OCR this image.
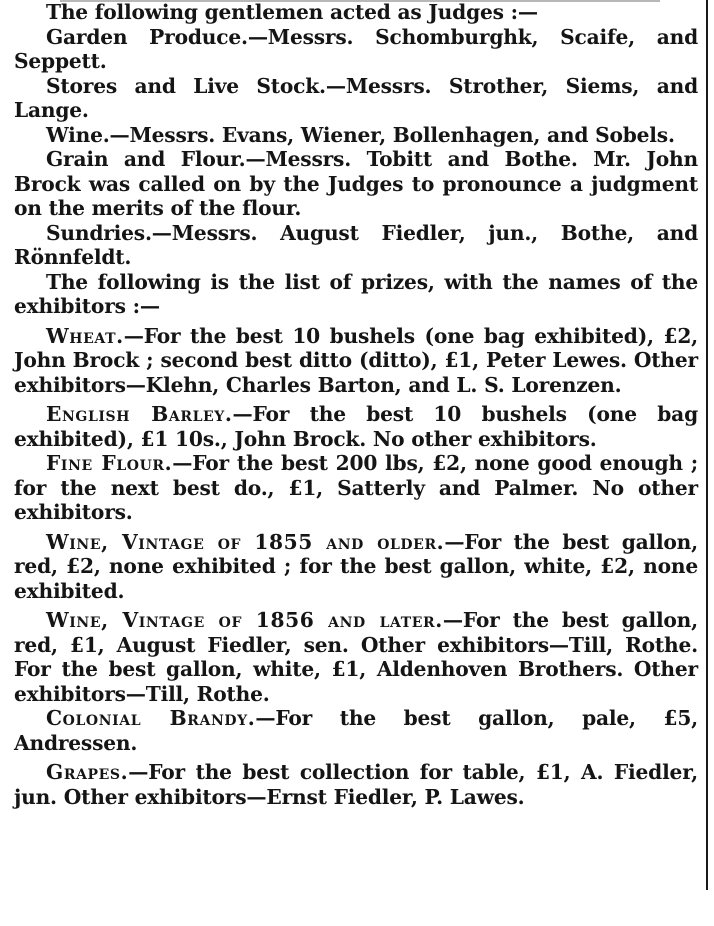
The following gentlemen acted as Judges :—

Garden Produce.—Messrs. Schomburghk, Scaife, and Seppett.

Stores and Live Stock.—Messrs. Strother, Siems, and Lange.

Wine.—Messrs. Evans, Wiener, Bollenhagen, and Sobels.

Grain and Flour.—Messrs. Tobitt and Bothe. Mr. John Brock was called on by the Judges to pronounce a judgment on the merits of the flour.

Sundries.—Messrs. August Fiedler, jun., Bothe, and Rönnfeldt.

The following is the list of prizes, with the names of the exhibitors :—

Wheat.—For the best 10 bushels (one bag exhibited), £2, John Brock ; second best ditto (ditto), £1, Peter Lewes. Other exhibitors—Klehn, Charles Barton, and L. S. Lorenzen.

English Barley.—For the best 10 bushels (one bag exhibited), £1 10s., John Brock. No other exhibitors.

Fine Flour.—For the best 200 lbs, £2, none good enough ; for the next best do., £1, Satterly and Palmer. No other exhibitors.

Wine, Vintage of 1855 and older.—For the best gallon, red, £2, none exhibited ; for the best gallon, white, £2, none exhibited.

Wine, Vintage of 1856 and later.—For the best gallon, red, £1, August Fiedler, sen. Other exhibitors—Till, Rothe. For the best gallon, white, £1, Aldenhoven Brothers. Other exhibitors—Till, Rothe.

Colonial Brandy.—For the best gallon, pale, £5, Andressen.

Grapes.—For the best collection for table, £1, A. Fiedler, jun. Other exhibitors—Ernst Fiedler, P. Lawes.
